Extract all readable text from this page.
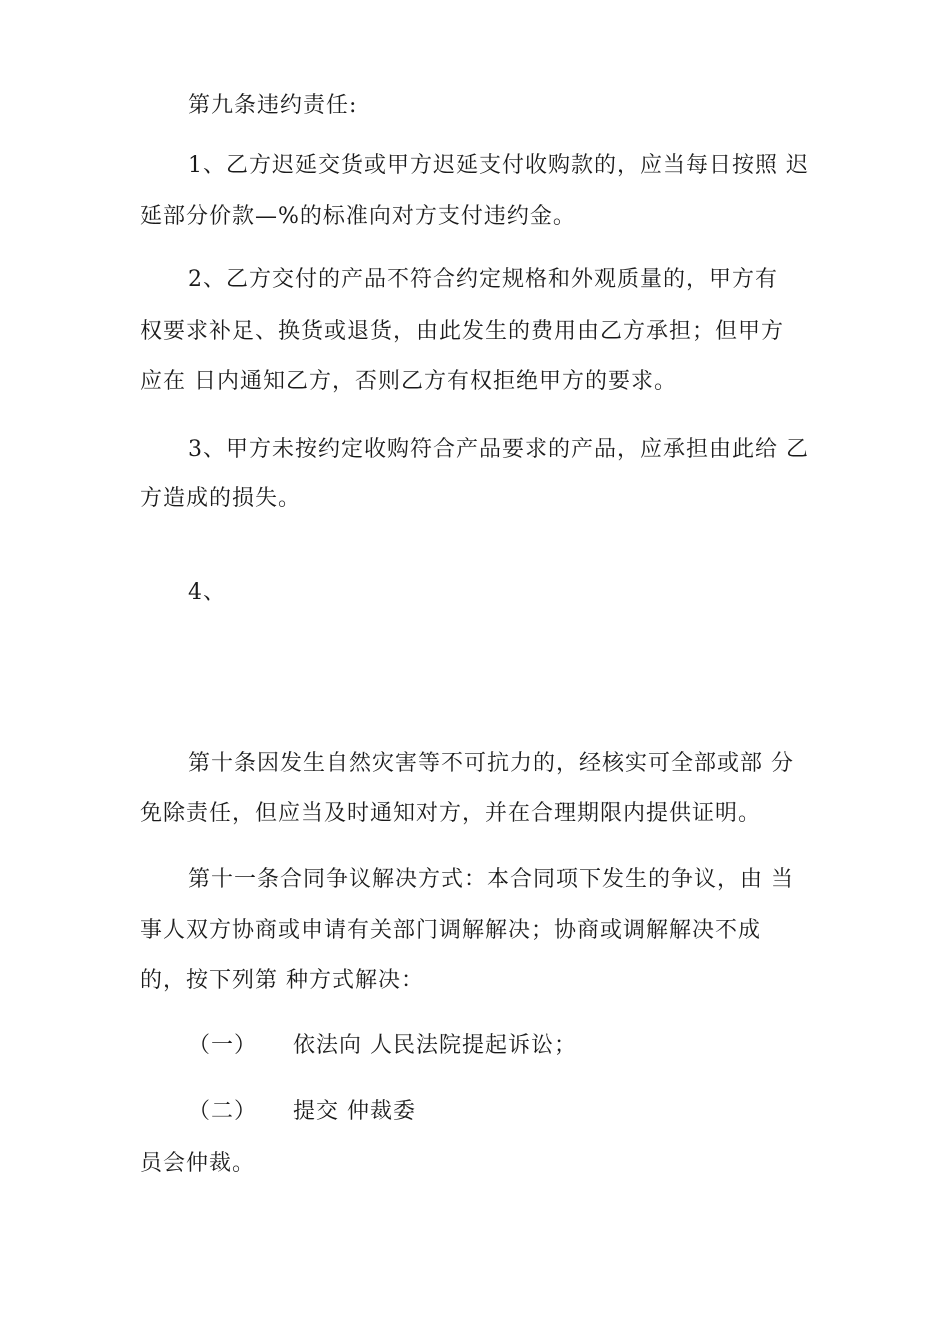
第九条违约责任:
1、乙方迟延交货或甲方迟延支付收购款的，应当每日按照 迟
延部分价款—%的标准向对方支付违约金。
2、乙方交付的产品不符合约定规格和外观质量的，甲方有
权要求补足、换货或退货，由此发生的费用由乙方承担；但甲方
应在 日内通知乙方，否则乙方有权拒绝甲方的要求。
3、甲方未按约定收购符合产品要求的产品，应承担由此给 乙
方造成的损失。
4、
第十条因发生自然灾害等不可抗力的，经核实可全部或部 分
免除责任，但应当及时通知对方，并在合理期限内提供证明。
第十一条合同争议解决方式：本合同项下发生的争议，由 当
事人双方协商或申请有关部门调解解决；协商或调解解决不成
的，按下列第 种方式解决：
（一） 依法向 人民法院提起诉讼；
（二） 提交 仲裁委
员会仲裁。
